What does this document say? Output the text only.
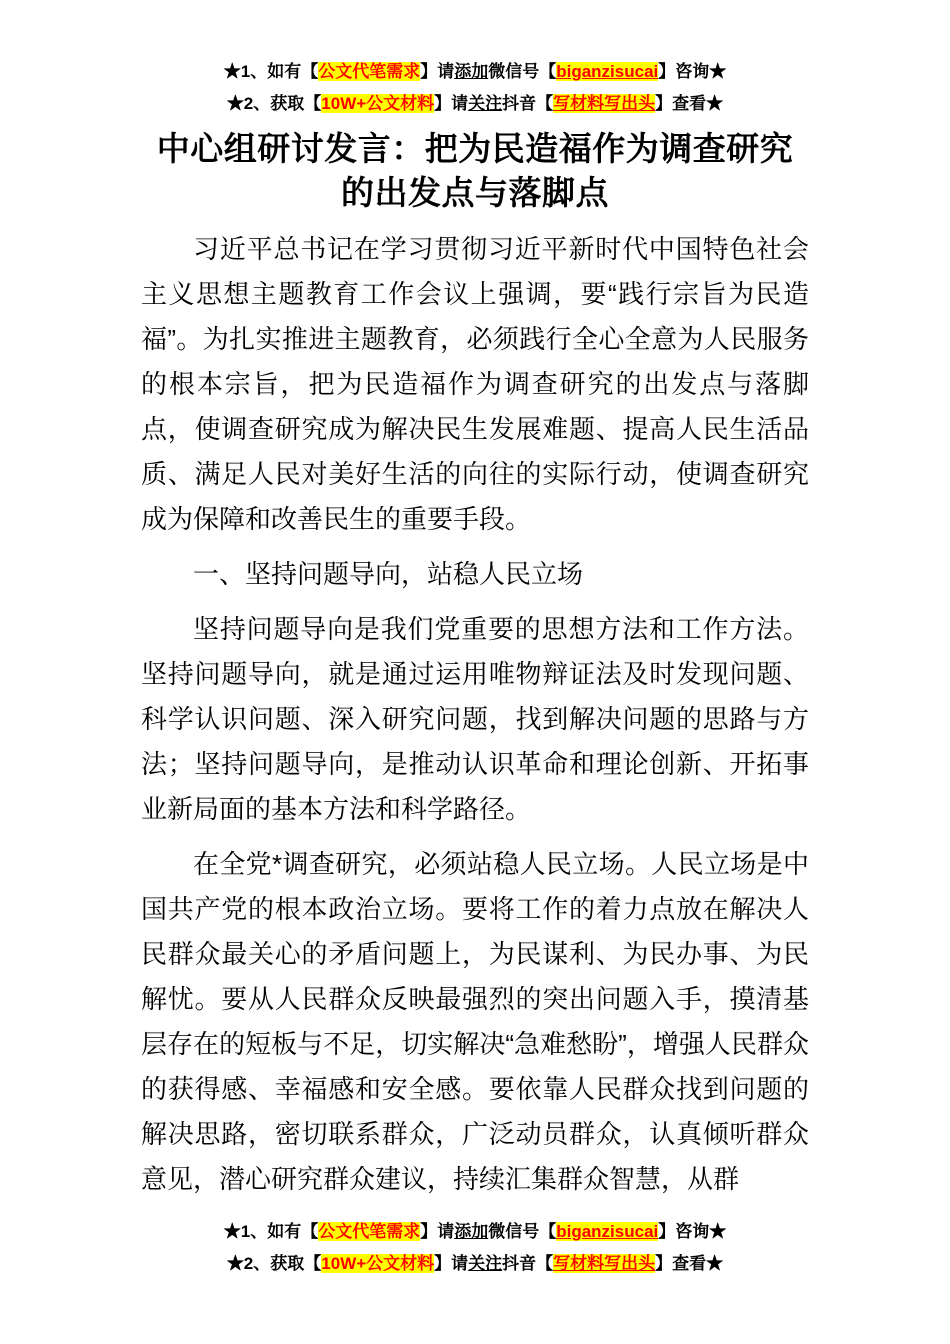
★1、如有【公文代笔需求】请添加微信号【biganzisucai】咨询★
★2、获取【10W+公文材料】请关注抖音【写材料写出头】查看★
中心组研讨发言：把为民造福作为调查研究的出发点与落脚点

习近平总书记在学习贯彻习近平新时代中国特色社会主义思想主题教育工作会议上强调，要“践行宗旨为民造福”。为扎实推进主题教育，必须践行全心全意为人民服务的根本宗旨，把为民造福作为调查研究的出发点与落脚点，使调查研究成为解决民生发展难题、提高人民生活品质、满足人民对美好生活的向往的实际行动，使调查研究成为保障和改善民生的重要手段。

一、坚持问题导向，站稳人民立场

坚持问题导向是我们党重要的思想方法和工作方法。坚持问题导向，就是通过运用唯物辩证法及时发现问题、科学认识问题、深入研究问题，找到解决问题的思路与方法；坚持问题导向，是推动认识革命和理论创新、开拓事业新局面的基本方法和科学路径。

在全党*调查研究，必须站稳人民立场。人民立场是中国共产党的根本政治立场。要将工作的着力点放在解决人民群众最关心的矛盾问题上，为民谋利、为民办事、为民解忧。要从人民群众反映最强烈的突出问题入手，摸清基层存在的短板与不足，切实解决“急难愁盼”，增强人民群众的获得感、幸福感和安全感。要依靠人民群众找到问题的解决思路，密切联系群众，广泛动员群众，认真倾听群众意见，潜心研究群众建议，持续汇集群众智慧，从群

★1、如有【公文代笔需求】请添加微信号【biganzisucai】咨询★
★2、获取【10W+公文材料】请关注抖音【写材料写出头】查看★
